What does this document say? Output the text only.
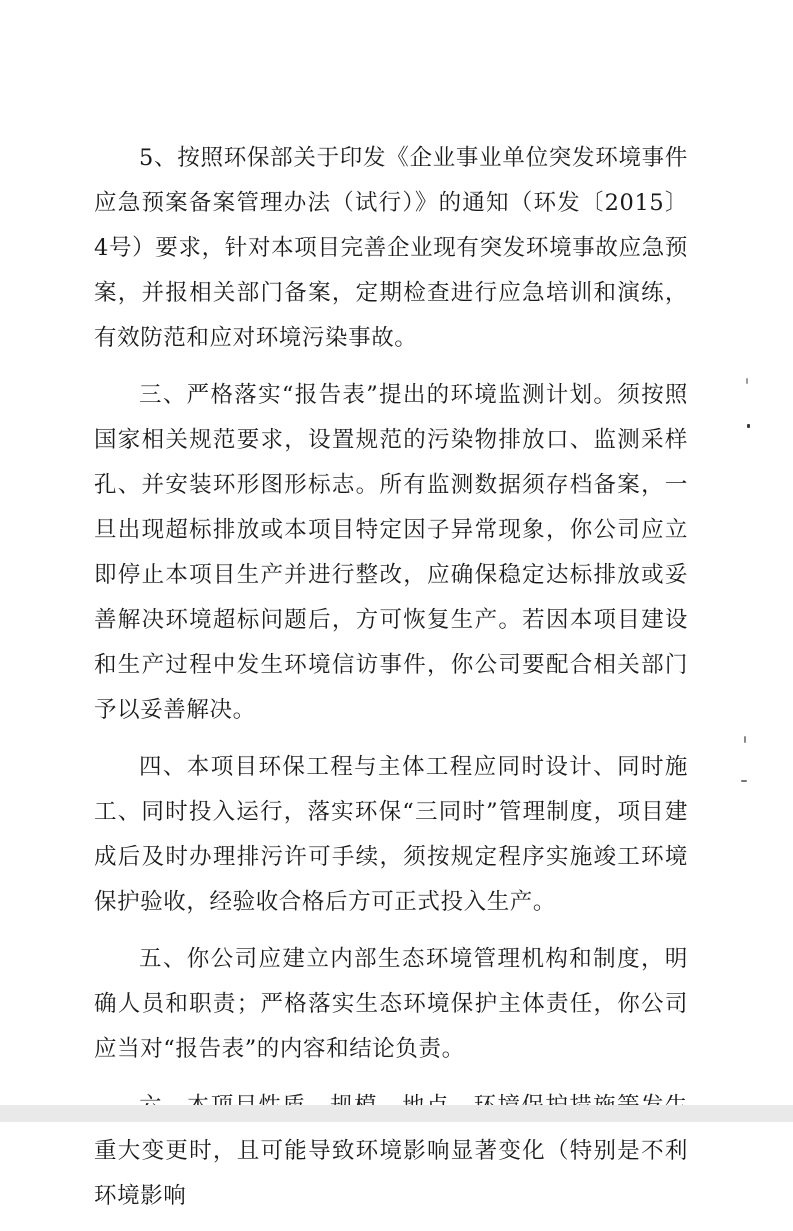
5、按照环保部关于印发《企业事业单位突发环境事件应急预案备案管理办法（试行）》的通知（环发〔2015〕4号）要求，针对本项目完善企业现有突发环境事故应急预案，并报相关部门备案，定期检查进行应急培训和演练，有效防范和应对环境污染事故。

三、严格落实“报告表”提出的环境监测计划。须按照国家相关规范要求，设置规范的污染物排放口、监测采样孔、并安装环形图形标志。所有监测数据须存档备案，一旦出现超标排放或本项目特定因子异常现象，你公司应立即停止本项目生产并进行整改，应确保稳定达标排放或妥善解决环境超标问题后，方可恢复生产。若因本项目建设和生产过程中发生环境信访事件，你公司要配合相关部门予以妥善解决。

四、本项目环保工程与主体工程应同时设计、同时施工、同时投入运行，落实环保“三同时”管理制度，项目建成后及时办理排污许可手续，须按规定程序实施竣工环境保护验收，经验收合格后方可正式投入生产。

五、你公司应建立内部生态环境管理机构和制度，明确人员和职责；严格落实生态环境保护主体责任，你公司应当对“报告表”的内容和结论负责。

重大变更时，且可能导致环境影响显著变化（特别是不利环境影响
